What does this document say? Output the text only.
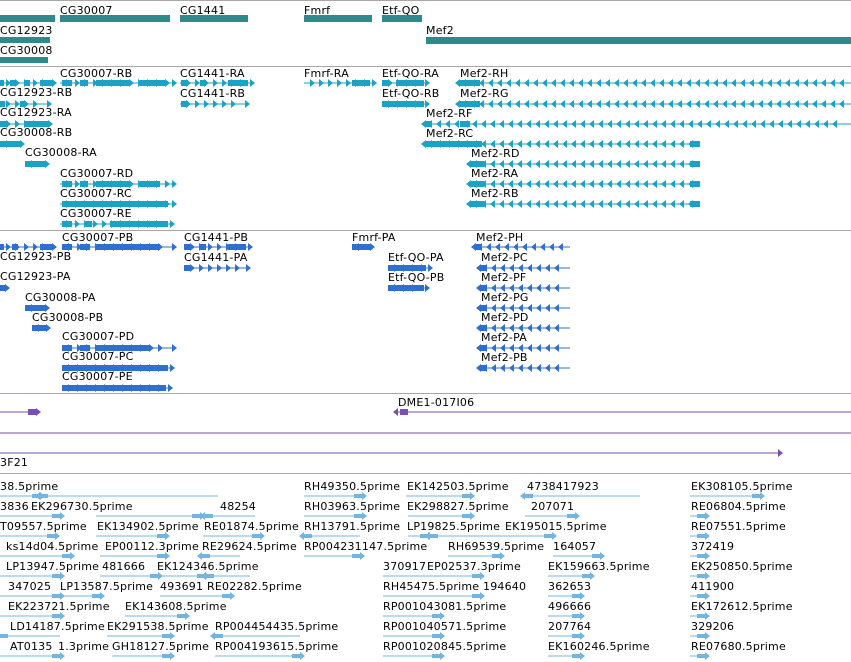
CG12923
CG30008
CG30007	CG1441	Fmrf	Etf-QO
Mef2
CG12923-RB
CG12923-RA
CG30008-RB
CG30008-RA
CG30007-RB
CG30007-RD
CG30007-RC
CG30007-RE
CG1441-RA
CG1441-RB
Fmrf-RA	Etf-QO-RA
Etf-QO-RB
Mef2-RF
Mef2-RC
Mef2-RH
Mef2-RG
Mef2-RD
Mef2-RA
Mef2-RB
CG12923-PB
CG12923-PA
CG30008-PA
CG30008-PB
CG30007-PB
CG30007-PD
CG30007-PC
CG30007-PE
CG1441-PB
CG1441-PA
Fmrf-PA
Etf-QO-PA
Etf-QO-PB
Mef2-PH
Mef2-PC
Mef2-PF
Mef2-PG
Mef2-PD
Mef2-PA
Mef2-PB
DME1-017I06
3F21
38.5prime	RH49350.5prime EK142503.5prime 4738417923	EK308105.5prime
3836 EK296730.5prime	48254	RH03963.5prime EK298827.5prime 207071	RE06804.5prime
T09557.5prime EK134902.5prime RE01874.5prime RH13791.5prime LP19825.5prime EK195015.5prime	RE07551.5prime
ks14d04.5prime EP00112.3prime RE29624.5prime RP004231147.5prime RH69539.5prime 164057	372419
LP13947.5prime 481666 EK124346.5prime	370917 EP02537.3prime EK159663.5prime	EK250850.5prime
347025 LP13587.5prime 493691 RE02282.5prime	RH45475.5prime 194640 362653	411900
EK223721.5prime EK143608.5prime	RP001043081.5prime	496666	EK172612.5prime
LD14187.5prime EK291538.5prime RP004454435.5prime	RP001040571.5prime	207764	329206
AT0135 1.3prime GH18127.5prime RP004193615.5prime	RP001020845.5prime	EK160246.5prime	RE07680.5prime
